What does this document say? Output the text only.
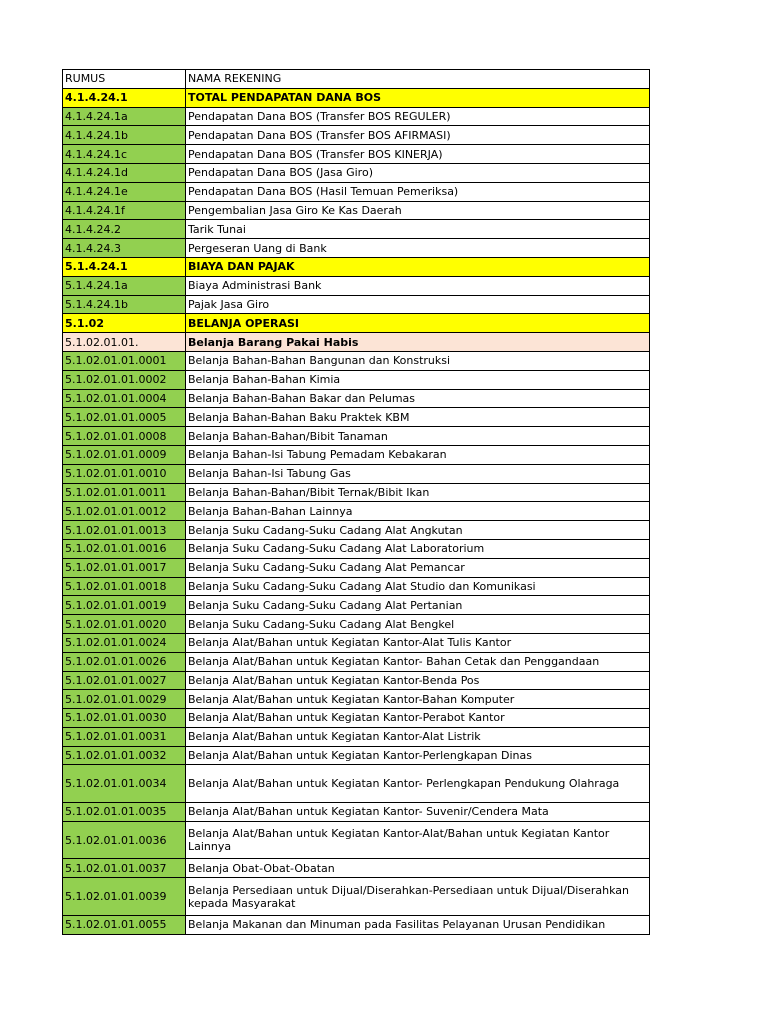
RUMUS	NAMA REKENING
4.1.4.24.1	TOTAL PENDAPATAN DANA BOS
4.1.4.24.1a	Pendapatan Dana BOS (Transfer BOS REGULER)
4.1.4.24.1b	Pendapatan Dana BOS (Transfer BOS AFIRMASI)
4.1.4.24.1c	Pendapatan Dana BOS (Transfer BOS KINERJA)
4.1.4.24.1d	Pendapatan Dana BOS (Jasa Giro)
4.1.4.24.1e	Pendapatan Dana BOS (Hasil Temuan Pemeriksa)
4.1.4.24.1f	Pengembalian Jasa Giro Ke Kas Daerah
4.1.4.24.2	Tarik Tunai
4.1.4.24.3	Pergeseran Uang di Bank
5.1.4.24.1	BIAYA DAN PAJAK
5.1.4.24.1a	Biaya Administrasi Bank
5.1.4.24.1b	Pajak Jasa Giro
5.1.02	BELANJA OPERASI
5.1.02.01.01.	Belanja Barang Pakai Habis
5.1.02.01.01.0001	Belanja Bahan-Bahan Bangunan dan Konstruksi
5.1.02.01.01.0002	Belanja Bahan-Bahan Kimia
5.1.02.01.01.0004	Belanja Bahan-Bahan Bakar dan Pelumas
5.1.02.01.01.0005	Belanja Bahan-Bahan Baku Praktek KBM
5.1.02.01.01.0008	Belanja Bahan-Bahan/Bibit Tanaman
5.1.02.01.01.0009	Belanja Bahan-Isi Tabung Pemadam Kebakaran
5.1.02.01.01.0010	Belanja Bahan-Isi Tabung Gas
5.1.02.01.01.0011	Belanja Bahan-Bahan/Bibit Ternak/Bibit Ikan
5.1.02.01.01.0012	Belanja Bahan-Bahan Lainnya
5.1.02.01.01.0013	Belanja Suku Cadang-Suku Cadang Alat Angkutan
5.1.02.01.01.0016	Belanja Suku Cadang-Suku Cadang Alat Laboratorium
5.1.02.01.01.0017	Belanja Suku Cadang-Suku Cadang Alat Pemancar
5.1.02.01.01.0018	Belanja Suku Cadang-Suku Cadang Alat Studio dan Komunikasi
5.1.02.01.01.0019	Belanja Suku Cadang-Suku Cadang Alat Pertanian
5.1.02.01.01.0020	Belanja Suku Cadang-Suku Cadang Alat Bengkel
5.1.02.01.01.0024	Belanja Alat/Bahan untuk Kegiatan Kantor-Alat Tulis Kantor
5.1.02.01.01.0026	Belanja Alat/Bahan untuk Kegiatan Kantor- Bahan Cetak dan Penggandaan
5.1.02.01.01.0027	Belanja Alat/Bahan untuk Kegiatan Kantor-Benda Pos
5.1.02.01.01.0029	Belanja Alat/Bahan untuk Kegiatan Kantor-Bahan Komputer
5.1.02.01.01.0030	Belanja Alat/Bahan untuk Kegiatan Kantor-Perabot Kantor
5.1.02.01.01.0031	Belanja Alat/Bahan untuk Kegiatan Kantor-Alat Listrik
5.1.02.01.01.0032	Belanja Alat/Bahan untuk Kegiatan Kantor-Perlengkapan Dinas
5.1.02.01.01.0034	Belanja Alat/Bahan untuk Kegiatan Kantor- Perlengkapan Pendukung Olahraga
5.1.02.01.01.0035	Belanja Alat/Bahan untuk Kegiatan Kantor- Suvenir/Cendera Mata
5.1.02.01.01.0036	Belanja Alat/Bahan untuk Kegiatan Kantor-Alat/Bahan untuk Kegiatan Kantor Lainnya
5.1.02.01.01.0037	Belanja Obat-Obat-Obatan
5.1.02.01.01.0039	Belanja Persediaan untuk Dijual/Diserahkan-Persediaan untuk Dijual/Diserahkan kepada Masyarakat
5.1.02.01.01.0055	Belanja Makanan dan Minuman pada Fasilitas Pelayanan Urusan Pendidikan
